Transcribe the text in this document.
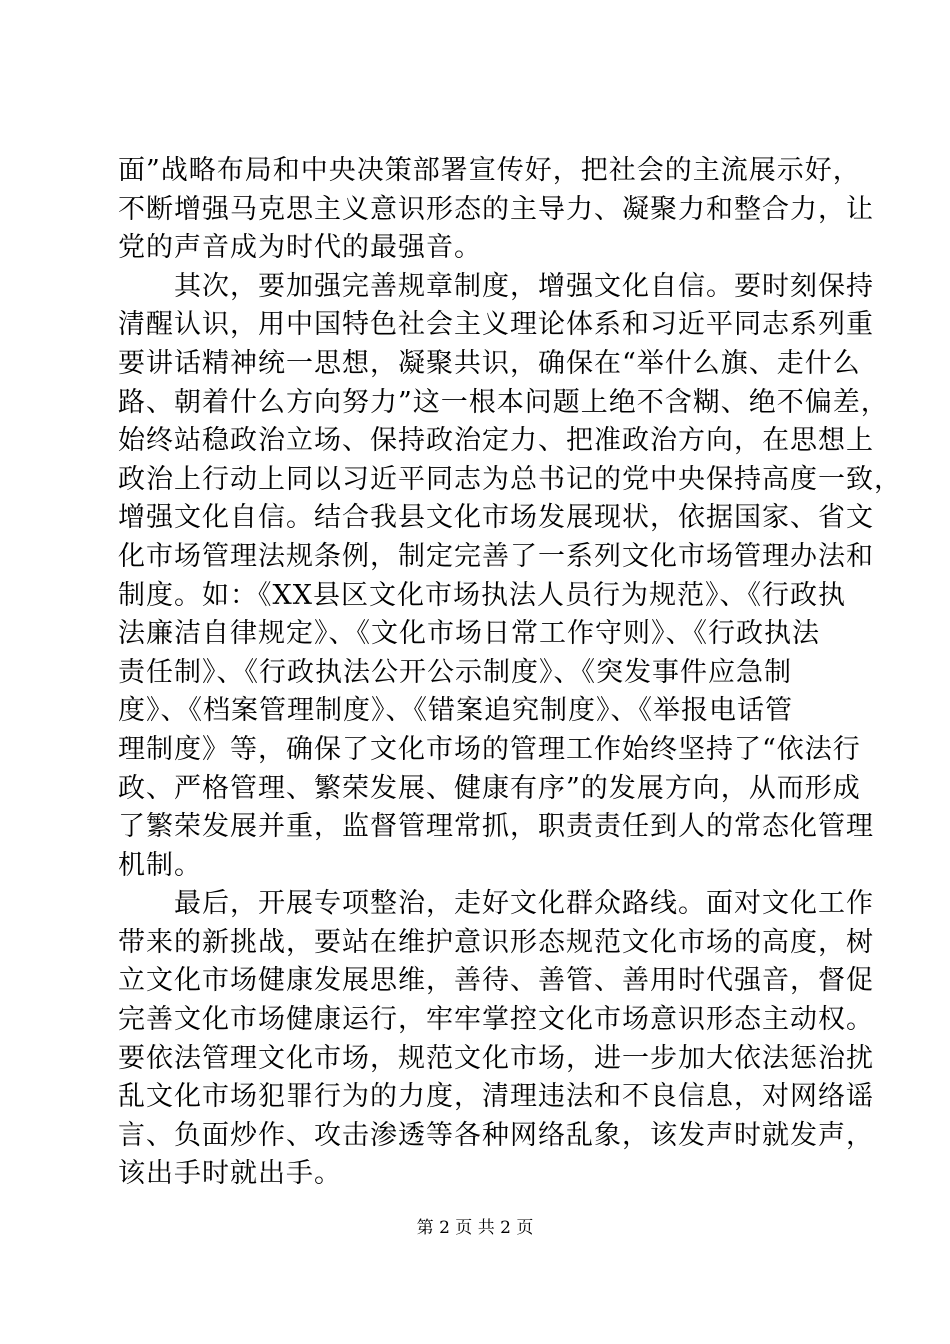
面”战略布局和中央决策部署宣传好，把社会的主流展示好，
不断增强马克思主义意识形态的主导力、凝聚力和整合力，让
党的声音成为时代的最强音。
　　其次，要加强完善规章制度，增强文化自信。要时刻保持
清醒认识，用中国特色社会主义理论体系和习近平同志系列重
要讲话精神统一思想，凝聚共识，确保在“举什么旗、走什么
路、朝着什么方向努力”这一根本问题上绝不含糊、绝不偏差，
始终站稳政治立场、保持政治定力、把准政治方向，在思想上
政治上行动上同以习近平同志为总书记的党中央保持高度一致，
增强文化自信。结合我县文化市场发展现状，依据国家、省文
化市场管理法规条例，制定完善了一系列文化市场管理办法和
制度。如：《XX县区文化市场执法人员行为规范》、《行政执
法廉洁自律规定》、《文化市场日常工作守则》、《行政执法
责任制》、《行政执法公开公示制度》、《突发事件应急制
度》、《档案管理制度》、《错案追究制度》、《举报电话管
理制度》等，确保了文化市场的管理工作始终坚持了“依法行
政、严格管理、繁荣发展、健康有序”的发展方向，从而形成
了繁荣发展并重，监督管理常抓，职责责任到人的常态化管理
机制。
　　最后，开展专项整治，走好文化群众路线。面对文化工作
带来的新挑战，要站在维护意识形态规范文化市场的高度，树
立文化市场健康发展思维，善待、善管、善用时代强音，督促
完善文化市场健康运行，牢牢掌控文化市场意识形态主动权。
要依法管理文化市场，规范文化市场，进一步加大依法惩治扰
乱文化市场犯罪行为的力度，清理违法和不良信息，对网络谣
言、负面炒作、攻击渗透等各种网络乱象，该发声时就发声，
该出手时就出手。
第 2 页 共 2 页
